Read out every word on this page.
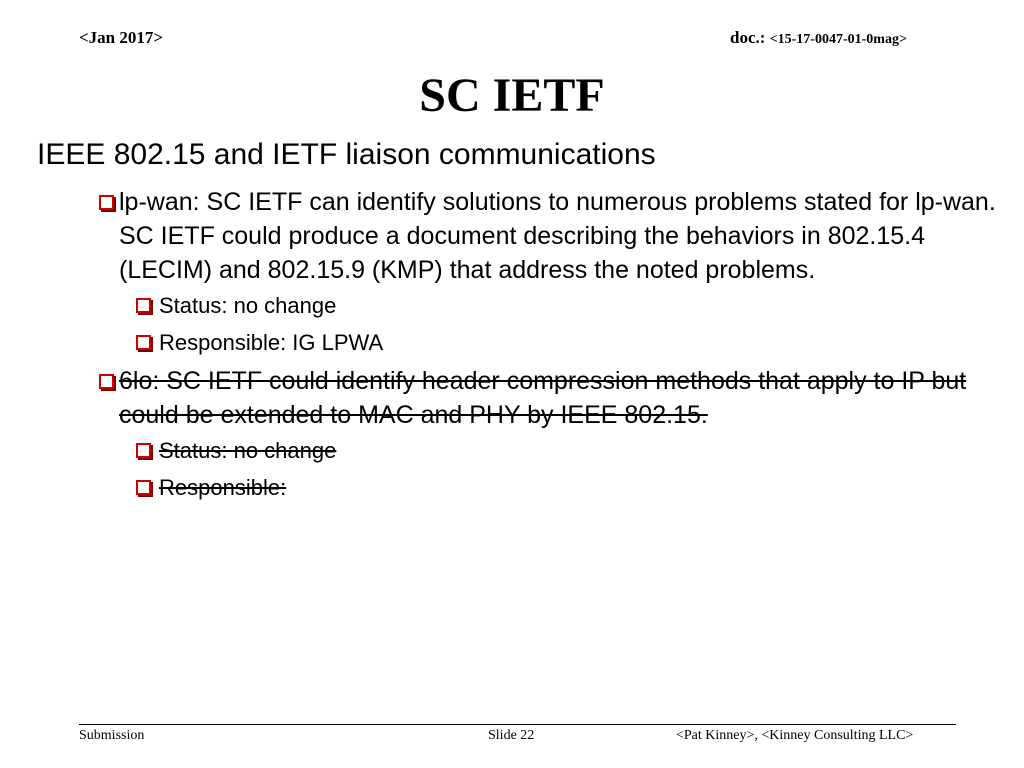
<Jan 2017>	doc.: <15-17-0047-01-0mag>
SC IETF

IEEE 802.15 and IETF liaison communications

lp-wan: SC IETF can identify solutions to numerous problems stated for lp-wan. SC IETF could produce a document describing the behaviors in 802.15.4 (LECIM) and 802.15.9 (KMP) that address the noted problems.
Status: no change
Responsible: IG LPWA
6lo: SC IETF could identify header compression methods that apply to IP but could be extended to MAC and PHY by IEEE 802.15.
Status: no change
Responsible:
Submission	Slide 22	<Pat Kinney>, <Kinney Consulting LLC>
